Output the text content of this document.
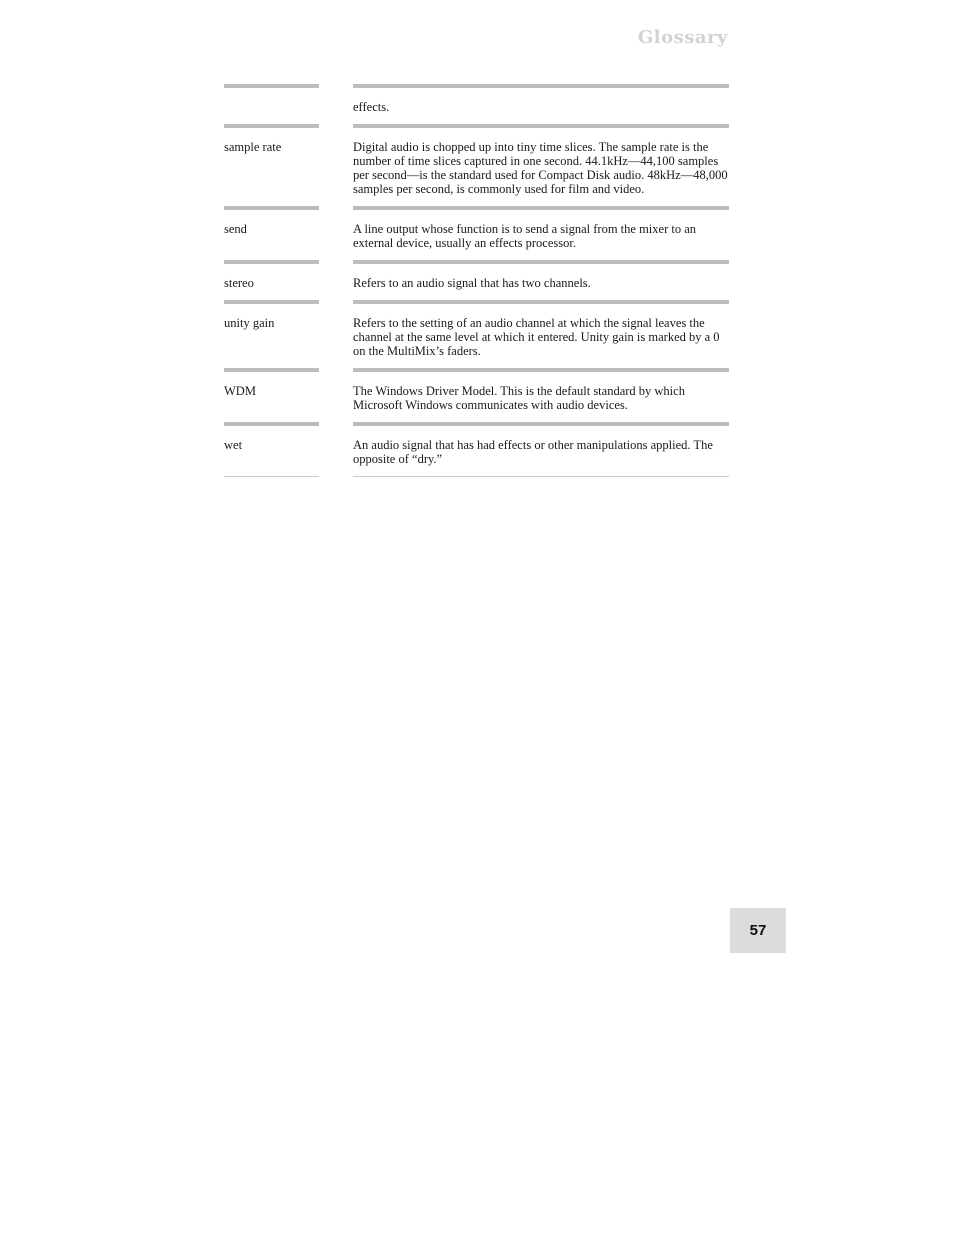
Glossary
effects.
sample rate	Digital audio is chopped up into tiny time slices. The sample rate is the number of time slices captured in one second. 44.1kHz—44,100 samples per second—is the standard used for Compact Disk audio. 48kHz—48,000 samples per second, is commonly used for film and video.
send	A line output whose function is to send a signal from the mixer to an external device, usually an effects processor.
stereo	Refers to an audio signal that has two channels.
unity gain	Refers to the setting of an audio channel at which the signal leaves the channel at the same level at which it entered. Unity gain is marked by a 0 on the MultiMix’s faders.
WDM	The Windows Driver Model. This is the default standard by which Microsoft Windows communicates with audio devices.
wet	An audio signal that has had effects or other manipulations applied. The opposite of “dry.”
57
